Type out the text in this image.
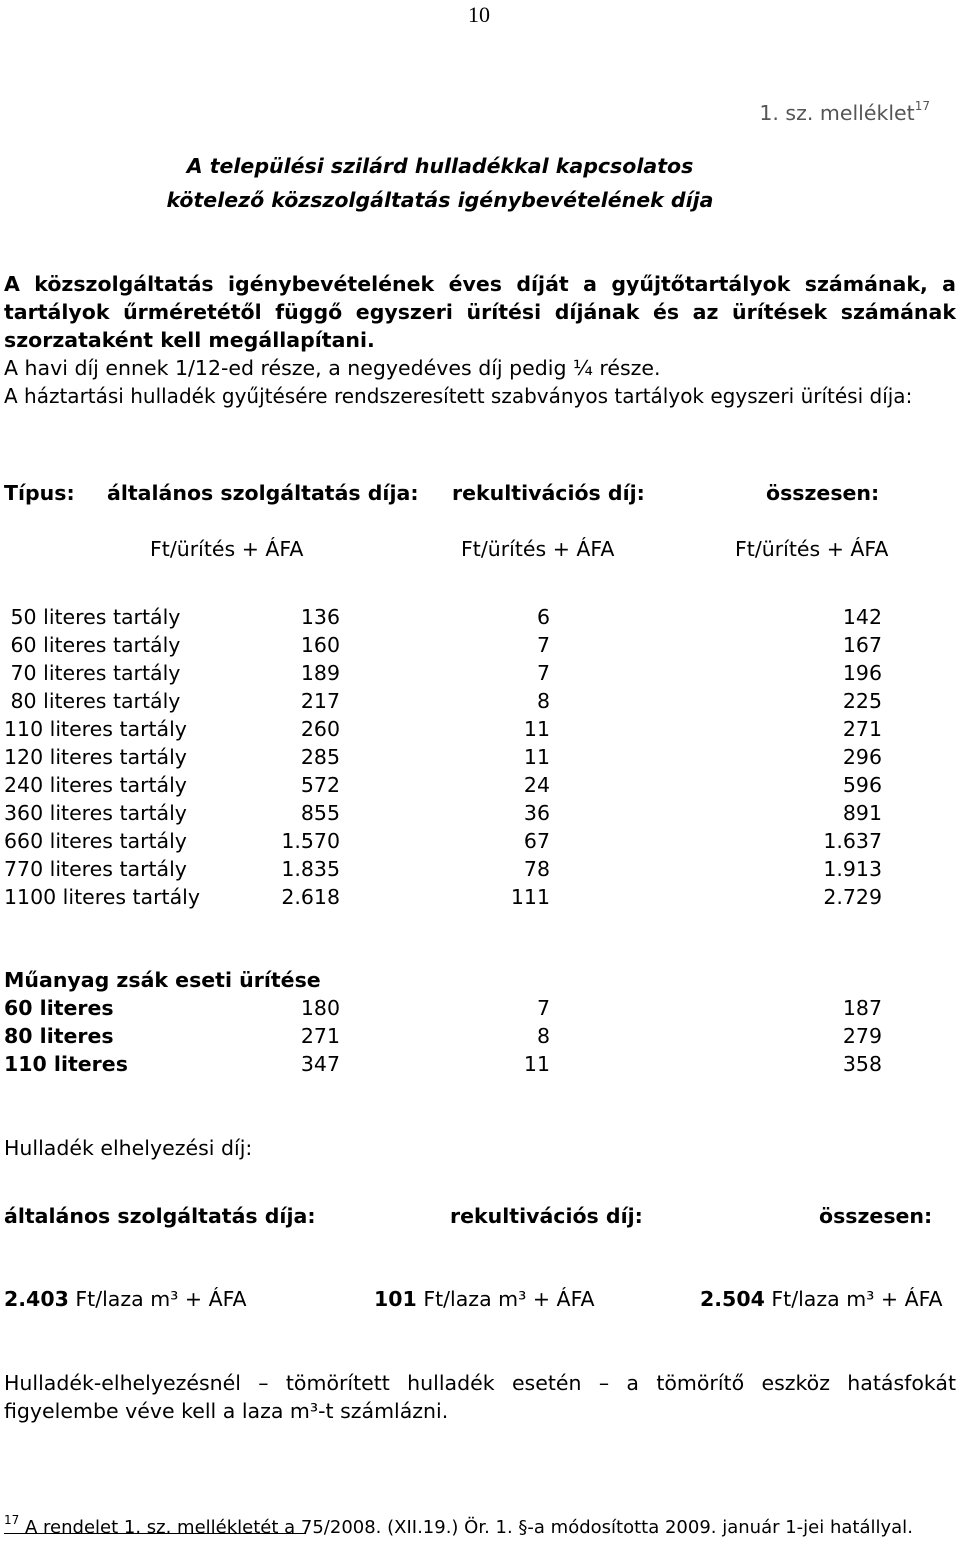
10
1. sz. melléklet$^{17}$
A települési szilárd hulladékkal kapcsolatos
kötelező közszolgáltatás igénybevételének díja
A közszolgáltatás igénybevételének éves díját a gyűjtőtartályok számának, a
tartályok űrméretétől függő egyszeri ürítési díjának és az ürítések számának
szorzataként kell megállapítani.
A havi díj ennek 1/12-ed része, a negyedéves díj pedig ¼ része.
A háztartási hulladék gyűjtésére rendszeresített szabványos tartályok egyszeri ürítési díja:
Típus: általános szolgáltatás díja: rekultivációs díj:	összesen:
Ft/ürítés + ÁFA	Ft/ürítés + ÁFA	Ft/ürítés + ÁFA
50 literes tartály	136	6	142
60 literes tartály	160	7	167
70 literes tartály	189	7	196
80 literes tartály	217	8	225
110 literes tartály	260	11	271
120 literes tartály	285	11	296
240 literes tartály	572	24	596
360 literes tartály	855	36	891
660 literes tartály	1.570	67	1.637
770 literes tartály	1.835	78	1.913
1100 literes tartály	2.618	111	2.729
Műanyag zsák eseti ürítése
60 literes	180	7	187
80 literes	271	8	279
110 literes	347	11	358
Hulladék elhelyezési díj:
általános szolgáltatás díja:	rekultivációs díj:	összesen:
2.403 Ft/laza m³ + ÁFA	101 Ft/laza m³ + ÁFA	2.504 Ft/laza m³ + ÁFA
Hulladék-elhelyezésnél – tömörített hulladék esetén – a tömörítő eszköz hatásfokát
figyelembe véve kell a laza m³-t számlázni.
$^{17}$ A rendelet 1. sz. mellékletét a 75/2008. (XII.19.) Ör. 1. §-a módosította 2009. január 1-jei hatállyal.
